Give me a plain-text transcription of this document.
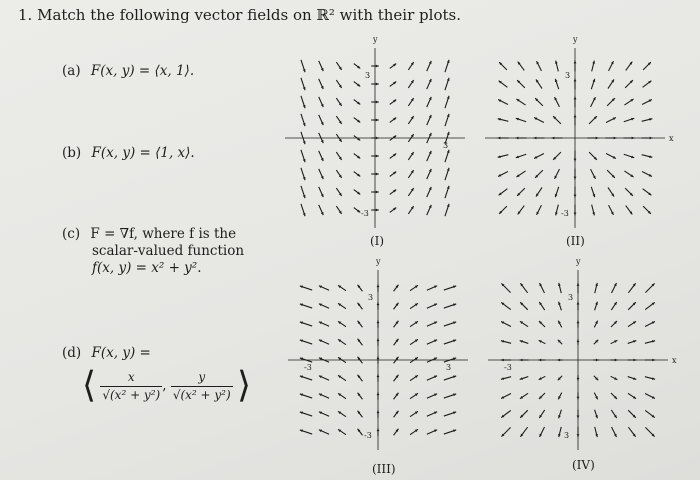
1. Match the following vector fields on ℝ² with their plots.
(a) F(x, y) = ⟨x, 1⟩.
(b) F(x, y) = ⟨1, x⟩.
(c) F = ∇f, where f is the
scalar-valued function
f(x, y) = x² + y².
(d) F(x, y) =
⟨ $\frac{x}{\text{√(x² + y²)}}$ , $\frac{y}{\text{√(x² + y²)}}$ ⟩
y
3
-3
3
y
3
-3
x
y
3
-3
3
-3
y
3
3
-3
x
(I)	(II)
(III)	(IV)
